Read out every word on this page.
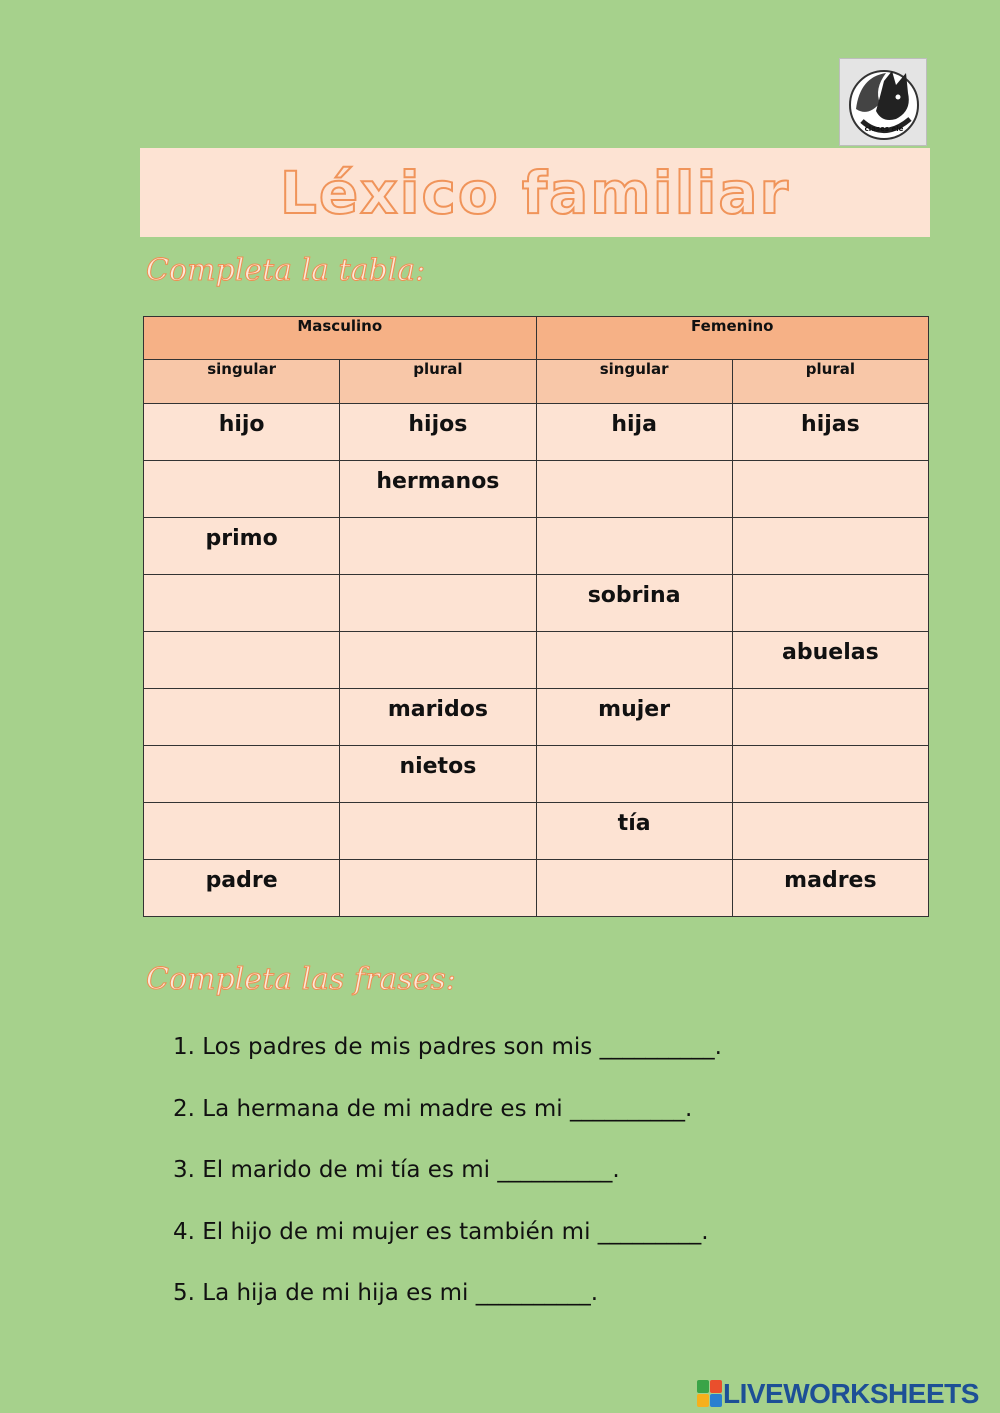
clases ele
Léxico familiar
Completa la tabla:
Masculino		Femenino	
singular	plural	singular	plural
hijo	hijos	hija	hijas
	hermanos		
primo			
		sobrina	
			abuelas
	maridos	mujer	
	nietos		
		tía	
padre			madres
Completa las frases:
1. Los padres de mis padres son mis __________.
2. La hermana de mi madre es mi __________.
3. El marido de mi tía es mi __________.
4. El hijo de mi mujer es también mi _________.
5. La hija de mi hija es mi __________.
LIVEWORKSHEETS
